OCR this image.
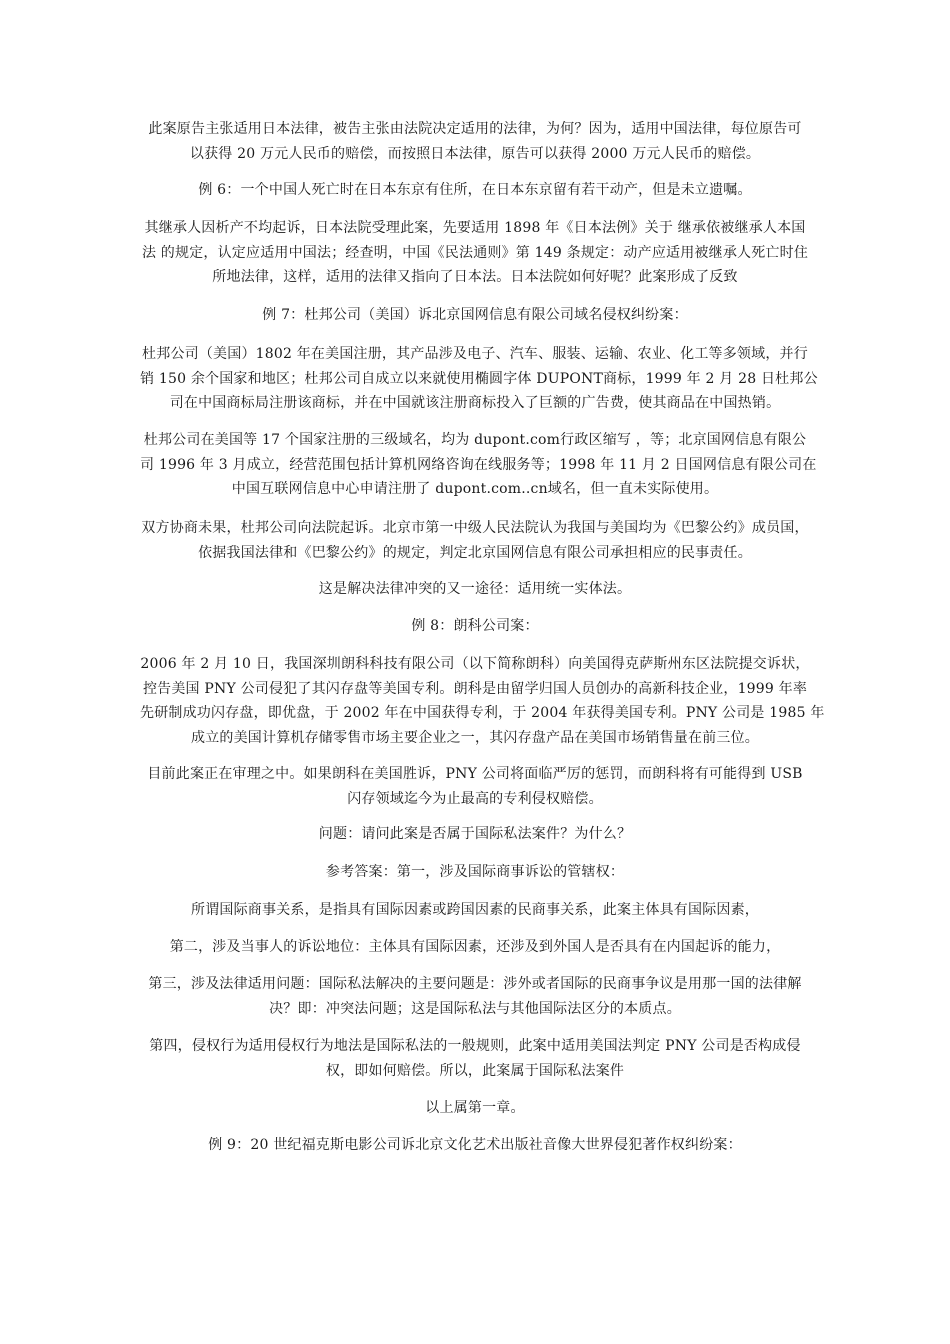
此案原告主张适用日本法律，被告主张由法院决定适用的法律，为何？因为，适用中国法律，每位原告可
以获得 20 万元人民币的赔偿，而按照日本法律，原告可以获得 2000 万元人民币的赔偿。

例 6：一个中国人死亡时在日本东京有住所，在日本东京留有若干动产，但是未立遗嘱。

其继承人因析产不均起诉，日本法院受理此案，先要适用 1898 年《日本法例》关于 继承依被继承人本国
法 的规定，认定应适用中国法；经查明，中国《民法通则》第 149 条规定：动产应适用被继承人死亡时住
所地法律，这样，适用的法律又指向了日本法。日本法院如何好呢？此案形成了反致

例 7：杜邦公司（美国）诉北京国网信息有限公司域名侵权纠纷案：

杜邦公司（美国）1802 年在美国注册，其产品涉及电子、汽车、服装、运输、农业、化工等多领域，并行
销 150 余个国家和地区；杜邦公司自成立以来就使用椭圆字体 DUPONT商标，1999 年 2 月 28 日杜邦公
司在中国商标局注册该商标，并在中国就该注册商标投入了巨额的广告费，使其商品在中国热销。

杜邦公司在美国等 17 个国家注册的三级域名，均为 dupont.com行政区缩写 ，等；北京国网信息有限公
司 1996 年 3 月成立，经营范围包括计算机网络咨询在线服务等；1998 年 11 月 2 日国网信息有限公司在
中国互联网信息中心申请注册了 dupont.com..cn域名，但一直未实际使用。

双方协商未果，杜邦公司向法院起诉。北京市第一中级人民法院认为我国与美国均为《巴黎公约》成员国，
依据我国法律和《巴黎公约》的规定，判定北京国网信息有限公司承担相应的民事责任。

这是解决法律冲突的又一途径：适用统一实体法。

例 8：朗科公司案：

2006 年 2 月 10 日，我国深圳朗科科技有限公司（以下简称朗科）向美国得克萨斯州东区法院提交诉状，
控告美国 PNY 公司侵犯了其闪存盘等美国专利。朗科是由留学归国人员创办的高新科技企业，1999 年率
先研制成功闪存盘，即优盘，于 2002 年在中国获得专利，于 2004 年获得美国专利。PNY 公司是 1985 年
成立的美国计算机存储零售市场主要企业之一，其闪存盘产品在美国市场销售量在前三位。

目前此案正在审理之中。如果朗科在美国胜诉，PNY 公司将面临严厉的惩罚，而朗科将有可能得到 USB
闪存领域迄今为止最高的专利侵权赔偿。

问题：请问此案是否属于国际私法案件？为什么？

参考答案：第一，涉及国际商事诉讼的管辖权：

所谓国际商事关系，是指具有国际因素或跨国因素的民商事关系，此案主体具有国际因素，

第二，涉及当事人的诉讼地位：主体具有国际因素，还涉及到外国人是否具有在内国起诉的能力，

第三，涉及法律适用问题：国际私法解决的主要问题是：涉外或者国际的民商事争议是用那一国的法律解
决？即：冲突法问题；这是国际私法与其他国际法区分的本质点。

第四，侵权行为适用侵权行为地法是国际私法的一般规则，此案中适用美国法判定 PNY 公司是否构成侵
权，即如何赔偿。所以，此案属于国际私法案件

以上属第一章。

例 9：20 世纪福克斯电影公司诉北京文化艺术出版社音像大世界侵犯著作权纠纷案：
